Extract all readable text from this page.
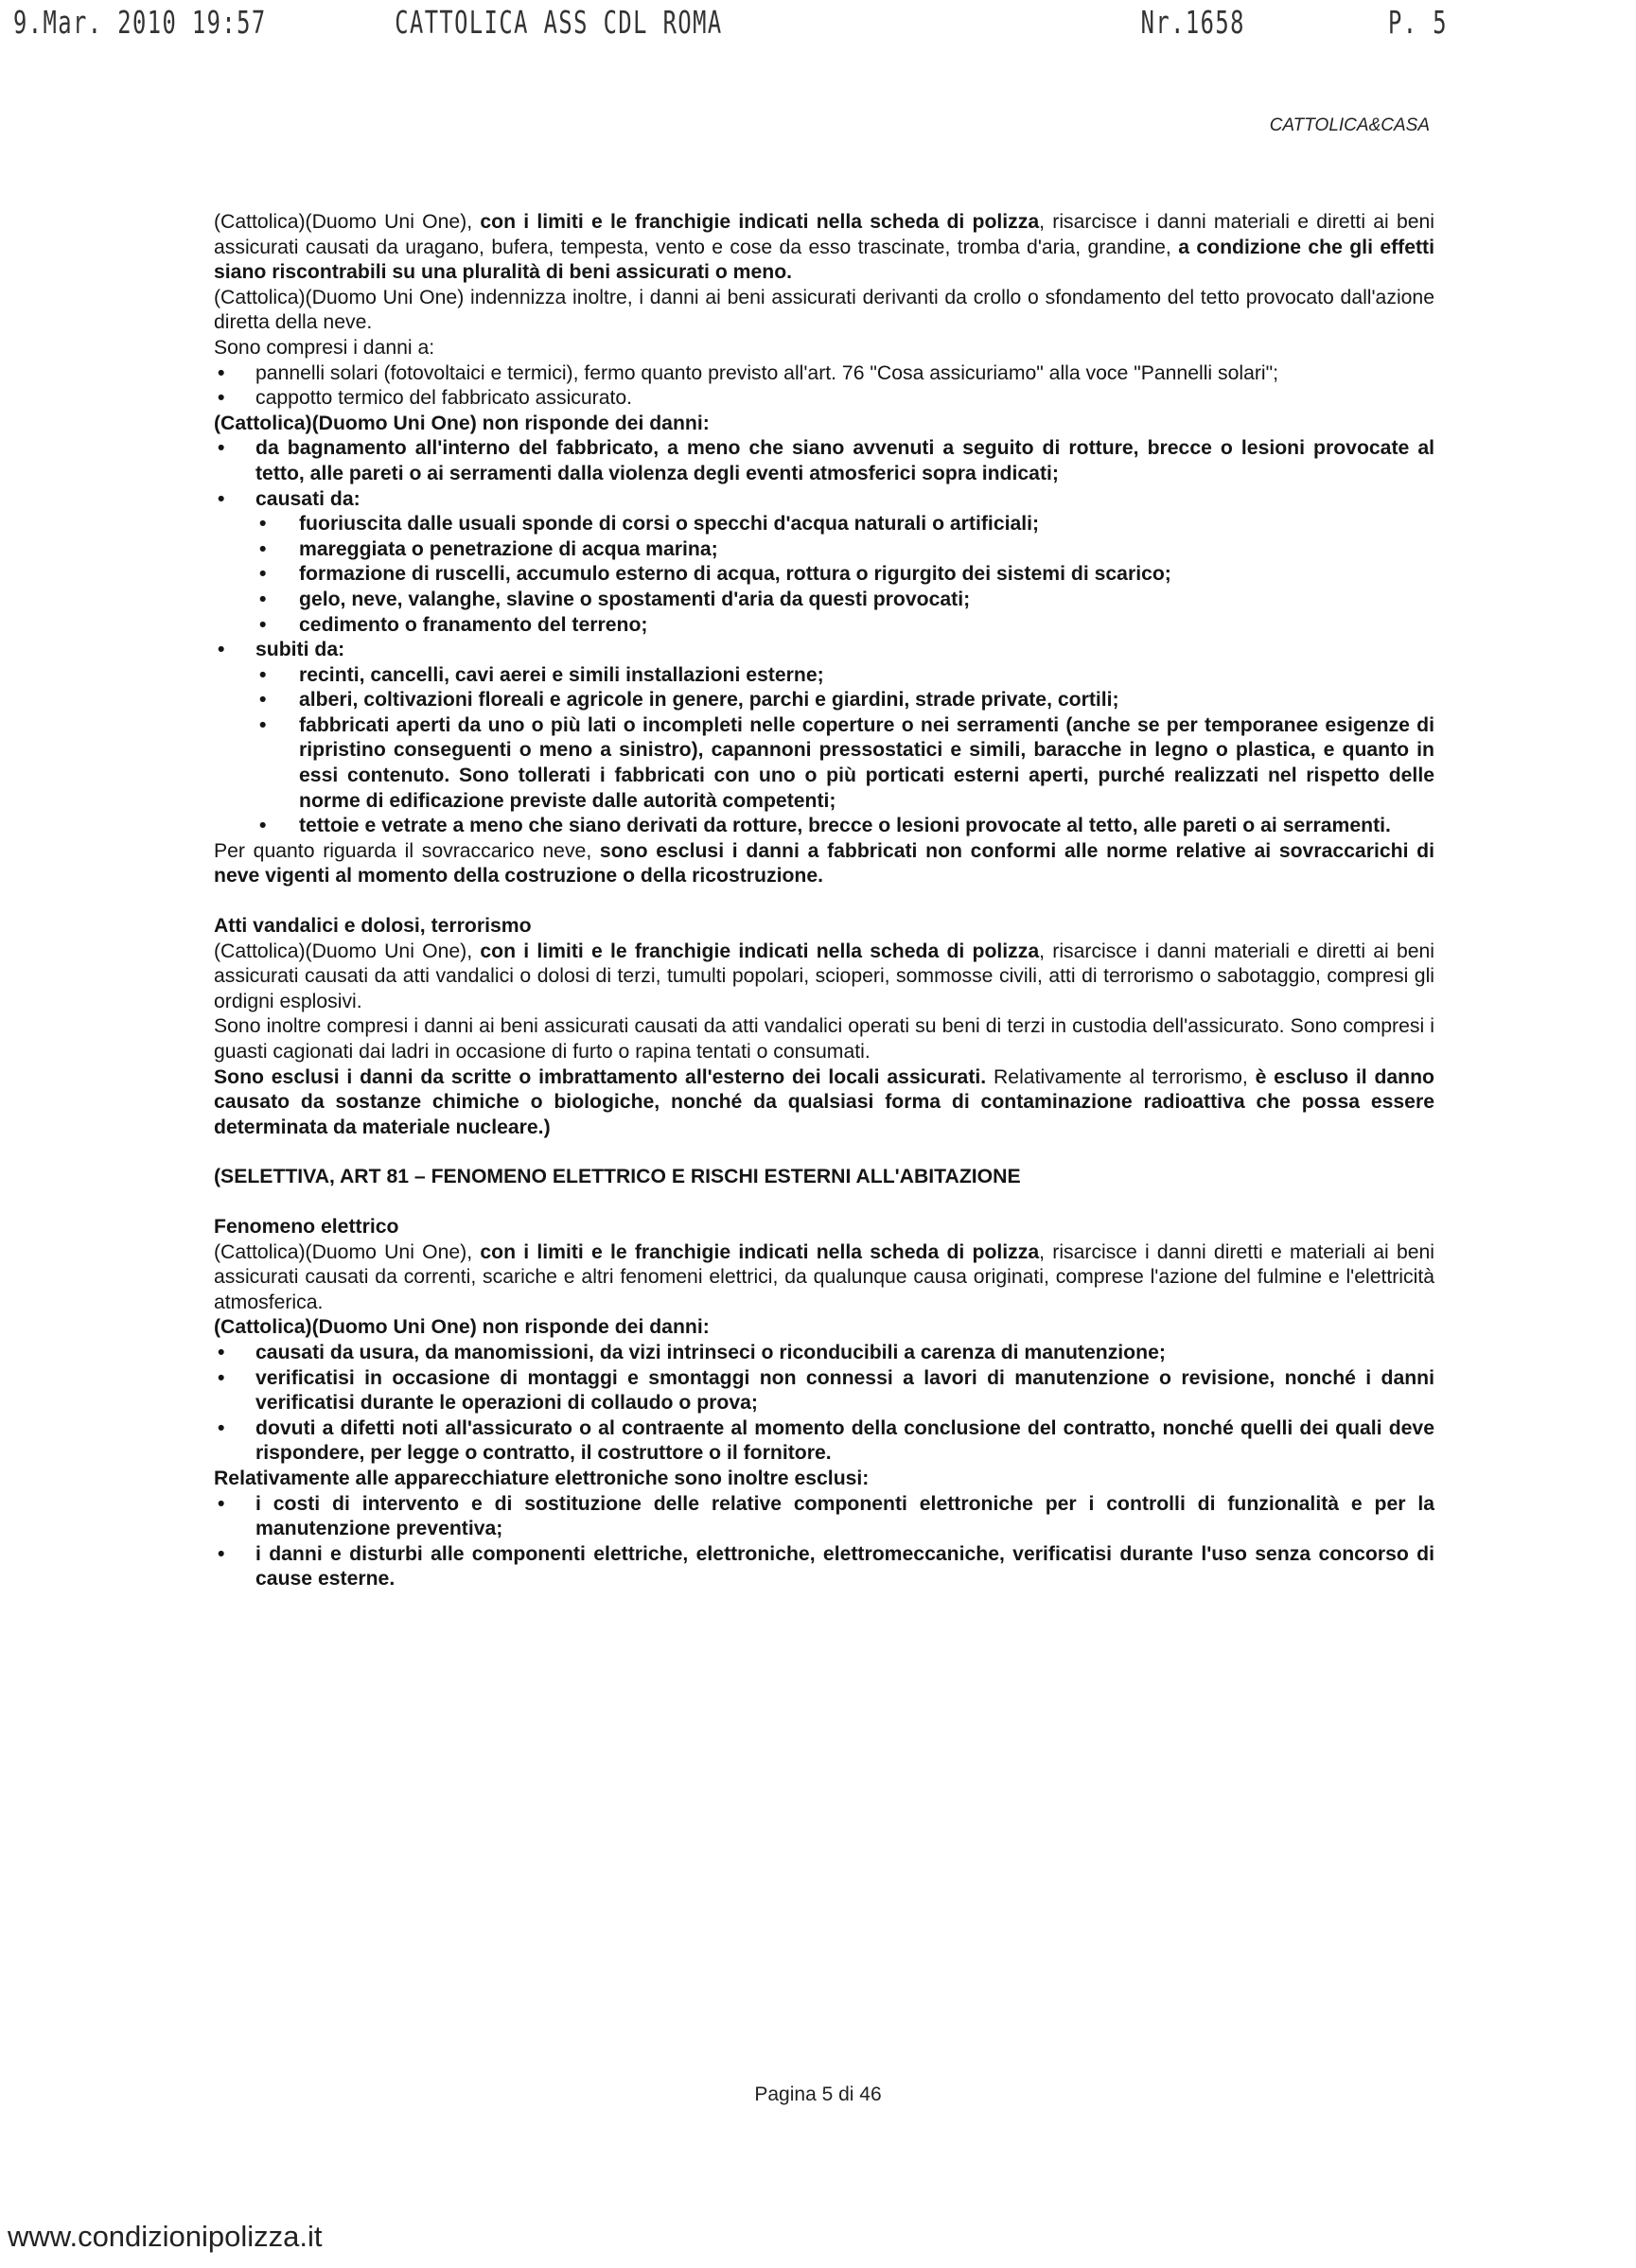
9.Mar. 2010 19:57	CATTOLICA ASS CDL ROMA	Nr.1658	P. 5
CATTOLICA&CASA

(Cattolica)(Duomo Uni One), con i limiti e le franchigie indicati nella scheda di polizza, risarcisce i danni materiali e diretti ai beni assicurati causati da uragano, bufera, tempesta, vento e cose da esso trascinate, tromba d'aria, grandine, a condizione che gli effetti siano riscontrabili su una pluralità di beni assicurati o meno.

(Cattolica)(Duomo Uni One) indennizza inoltre, i danni ai beni assicurati derivanti da crollo o sfondamento del tetto provocato dall'azione diretta della neve.

Sono compresi i danni a:

• pannelli solari (fotovoltaici e termici), fermo quanto previsto all'art. 76 "Cosa assicuriamo" alla voce "Pannelli solari";
• cappotto termico del fabbricato assicurato.

(Cattolica)(Duomo Uni One) non risponde dei danni:

• da bagnamento all'interno del fabbricato, a meno che siano avvenuti a seguito di rotture, brecce o lesioni provocate al tetto, alle pareti o ai serramenti dalla violenza degli eventi atmosferici sopra indicati;
• causati da:
• fuoriuscita dalle usuali sponde di corsi o specchi d'acqua naturali o artificiali;
• mareggiata o penetrazione di acqua marina;
• formazione di ruscelli, accumulo esterno di acqua, rottura o rigurgito dei sistemi di scarico;
• gelo, neve, valanghe, slavine o spostamenti d'aria da questi provocati;
• cedimento o franamento del terreno;
• subiti da:
• recinti, cancelli, cavi aerei e simili installazioni esterne;
• alberi, coltivazioni floreali e agricole in genere, parchi e giardini, strade private, cortili;
• fabbricati aperti da uno o più lati o incompleti nelle coperture o nei serramenti (anche se per temporanee esigenze di ripristino conseguenti o meno a sinistro), capannoni pressostatici e simili, baracche in legno o plastica, e quanto in essi contenuto. Sono tollerati i fabbricati con uno o più porticati esterni aperti, purché realizzati nel rispetto delle norme di edificazione previste dalle autorità competenti;
• tettoie e vetrate a meno che siano derivati da rotture, brecce o lesioni provocate al tetto, alle pareti o ai serramenti.

Per quanto riguarda il sovraccarico neve, sono esclusi i danni a fabbricati non conformi alle norme relative ai sovraccarichi di neve vigenti al momento della costruzione o della ricostruzione.

Atti vandalici e dolosi, terrorismo

(Cattolica)(Duomo Uni One), con i limiti e le franchigie indicati nella scheda di polizza, risarcisce i danni materiali e diretti ai beni assicurati causati da atti vandalici o dolosi di terzi, tumulti popolari, scioperi, sommosse civili, atti di terrorismo o sabotaggio, compresi gli ordigni esplosivi.

Sono inoltre compresi i danni ai beni assicurati causati da atti vandalici operati su beni di terzi in custodia dell'assicurato. Sono compresi i guasti cagionati dai ladri in occasione di furto o rapina tentati o consumati.

Sono esclusi i danni da scritte o imbrattamento all'esterno dei locali assicurati. Relativamente al terrorismo, è escluso il danno causato da sostanze chimiche o biologiche, nonché da qualsiasi forma di contaminazione radioattiva che possa essere determinata da materiale nucleare.)

(SELETTIVA, ART 81 – FENOMENO ELETTRICO E RISCHI ESTERNI ALL'ABITAZIONE

Fenomeno elettrico

(Cattolica)(Duomo Uni One), con i limiti e le franchigie indicati nella scheda di polizza, risarcisce i danni diretti e materiali ai beni assicurati causati da correnti, scariche e altri fenomeni elettrici, da qualunque causa originati, comprese l'azione del fulmine e l'elettricità atmosferica.

(Cattolica)(Duomo Uni One) non risponde dei danni:

• causati da usura, da manomissioni, da vizi intrinseci o riconducibili a carenza di manutenzione;
• verificatisi in occasione di montaggi e smontaggi non connessi a lavori di manutenzione o revisione, nonché i danni verificatisi durante le operazioni di collaudo o prova;
• dovuti a difetti noti all'assicurato o al contraente al momento della conclusione del contratto, nonché quelli dei quali deve rispondere, per legge o contratto, il costruttore o il fornitore.

Relativamente alle apparecchiature elettroniche sono inoltre esclusi:

• i costi di intervento e di sostituzione delle relative componenti elettroniche per i controlli di funzionalità e per la manutenzione preventiva;
• i danni e disturbi alle componenti elettriche, elettroniche, elettromeccaniche, verificatisi durante l'uso senza concorso di cause esterne.
Pagina 5 di 46
www.condizionipolizza.it
